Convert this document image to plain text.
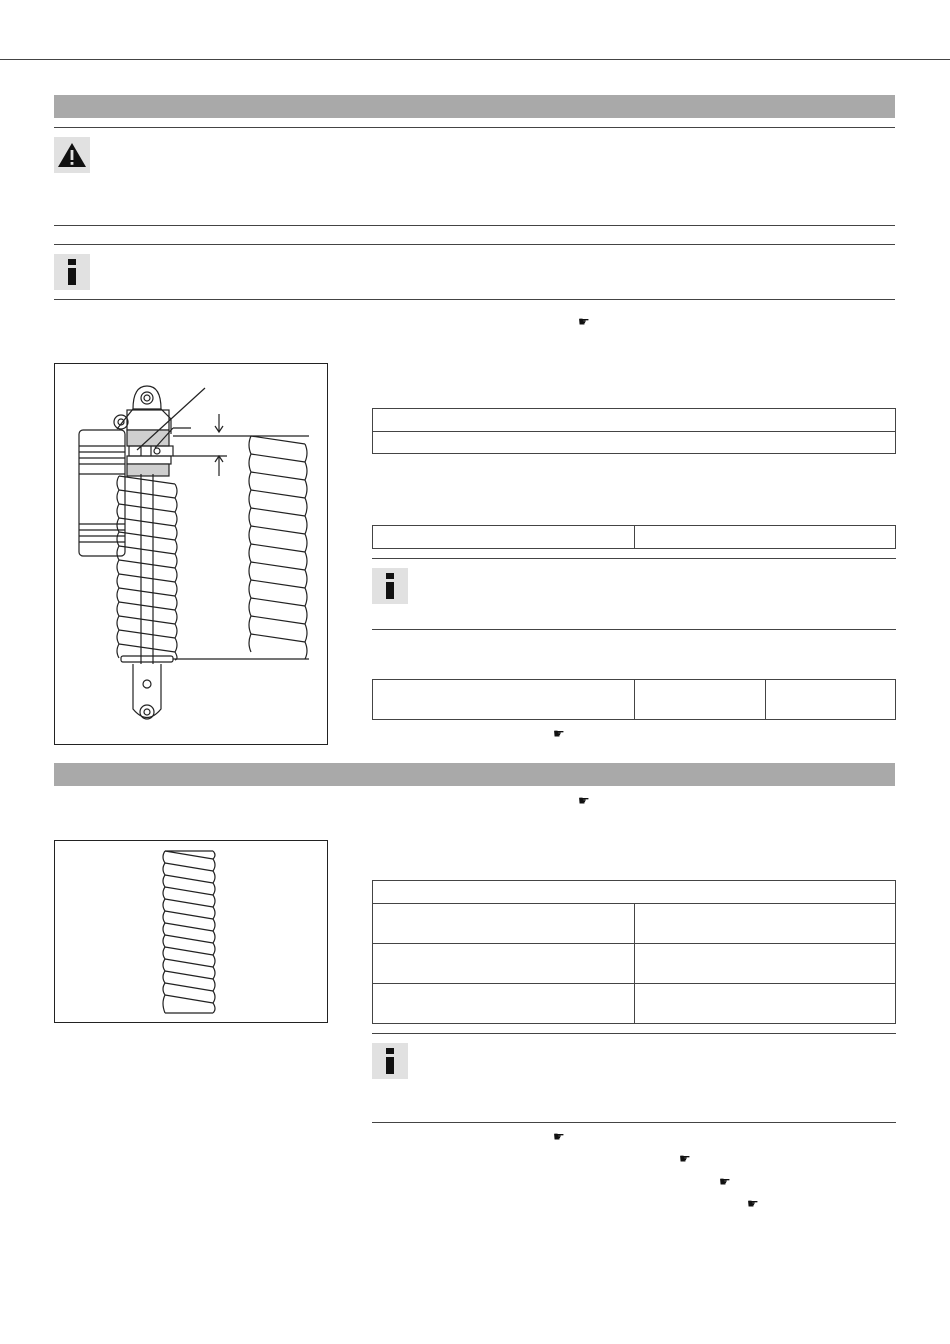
☛

☛
☛

☛
☛
☛
☛
